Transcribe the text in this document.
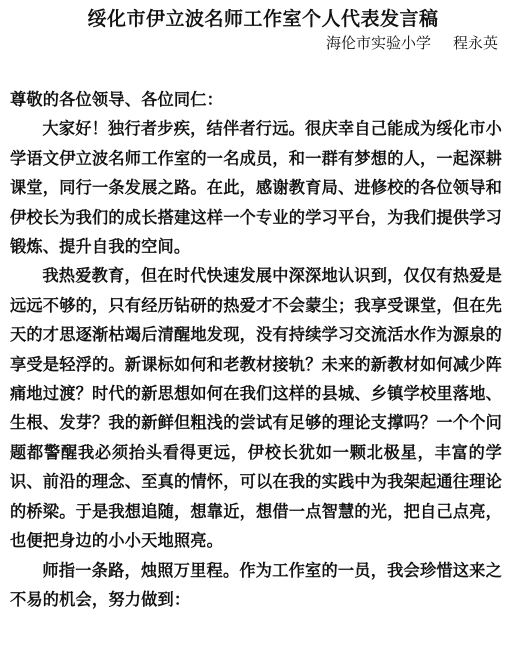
绥化市伊立波名师工作室个人代表发言稿
海伦市实验小学 程永英

尊敬的各位领导、各位同仁：

大家好！独行者步疾，结伴者行远。很庆幸自己能成为绥化市小学语文伊立波名师工作室的一名成员，和一群有梦想的人，一起深耕课堂，同行一条发展之路。在此，感谢教育局、进修校的各位领导和伊校长为我们的成长搭建这样一个专业的学习平台，为我们提供学习锻炼、提升自我的空间。

我热爱教育，但在时代快速发展中深深地认识到，仅仅有热爱是远远不够的，只有经历钻研的热爱才不会蒙尘；我享受课堂，但在先天的才思逐渐枯竭后清醒地发现，没有持续学习交流活水作为源泉的享受是轻浮的。新课标如何和老教材接轨？未来的新教材如何减少阵痛地过渡？时代的新思想如何在我们这样的县城、乡镇学校里落地、生根、发芽？我的新鲜但粗浅的尝试有足够的理论支撑吗？一个个问题都警醒我必须抬头看得更远，伊校长犹如一颗北极星，丰富的学识、前沿的理念、至真的情怀，可以在我的实践中为我架起通往理论的桥梁。于是我想追随，想靠近，想借一点智慧的光，把自己点亮，也便把身边的小小天地照亮。

师指一条路，烛照万里程。作为工作室的一员，我会珍惜这来之不易的机会，努力做到：
